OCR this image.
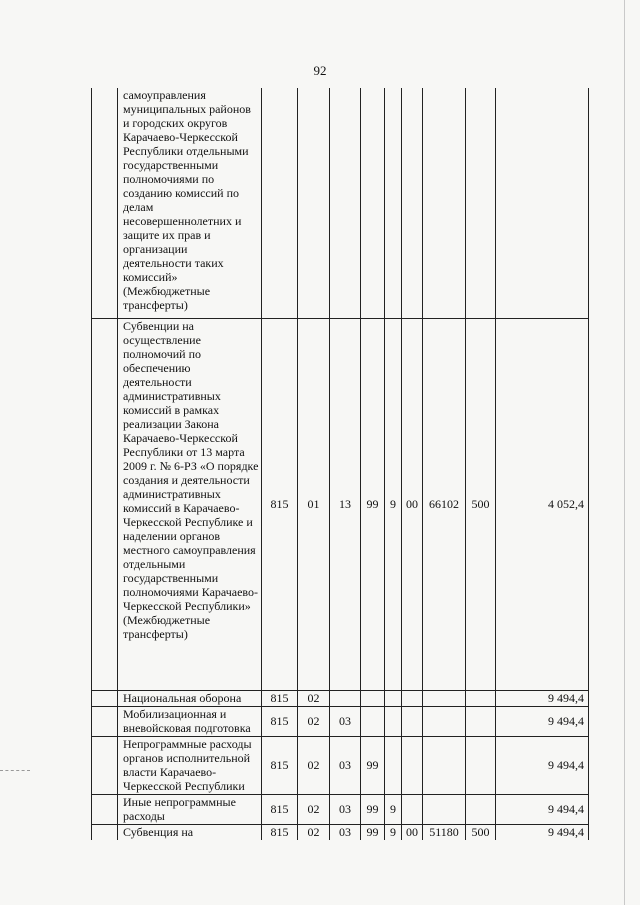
92
	самоуправления муниципальных районов и городских округов Карачаево-Черкесской Республики отдельными государственными полномочиями по созданию комиссий по делам несовершеннолетних и защите их прав и организации деятельности таких комиссий» (Межбюджетные трансферты)									
	Субвенции на осуществление полномочий по обеспечению деятельности административных комиссий в рамках реализации Закона Карачаево-Черкесской Республики от 13 марта 2009 г. № 6-РЗ «О порядке создания и деятельности административных комиссий в Карачаево-Черкесской Республике и наделении органов местного самоуправления отдельными государственными полномочиями Карачаево-Черкесской Республики» (Межбюджетные трансферты)	815	01	13	99	9	00	66102	500	4 052,4
	Национальная оборона	815	02							9 494,4
	Мобилизационная и вневойсковая подготовка	815	02	03						9 494,4
	Непрограммные расходы органов исполнительной власти Карачаево-Черкесской Республики	815	02	03	99					9 494,4
	Иные непрограммные расходы	815	02	03	99	9				9 494,4
	Субвенция на	815	02	03	99	9	00	51180	500	9 494,4
